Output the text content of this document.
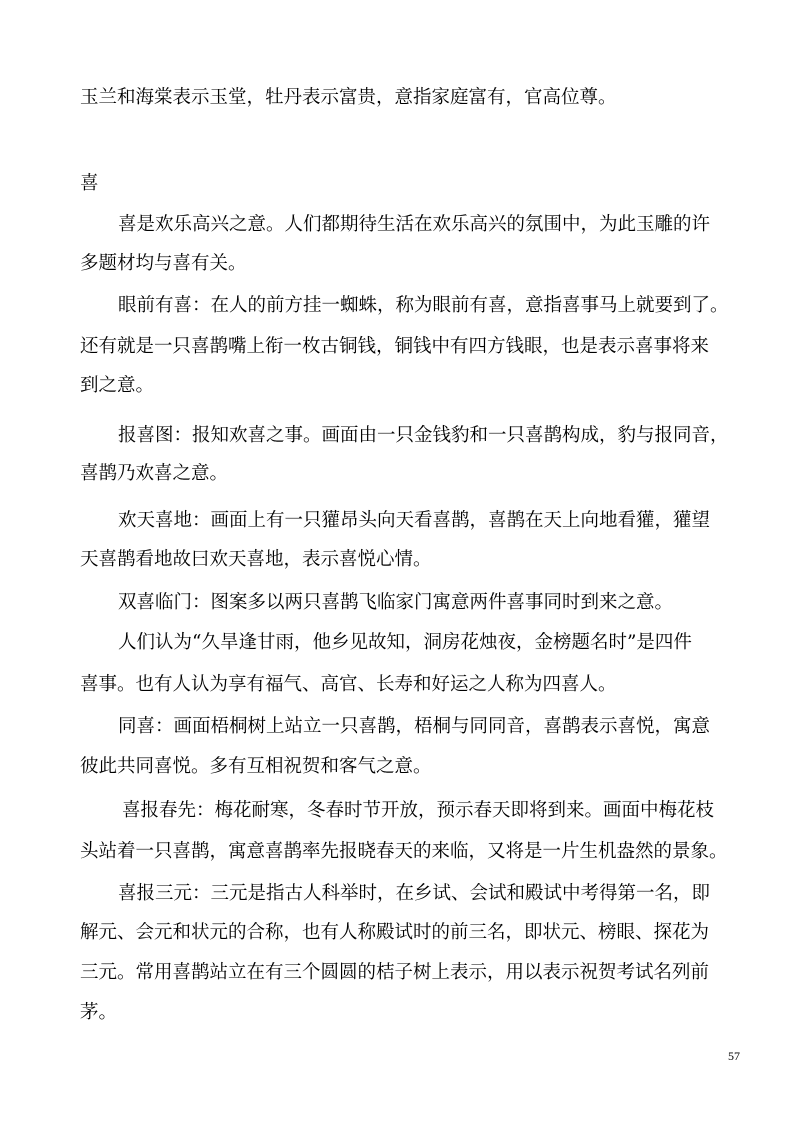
玉兰和海棠表示玉堂，牡丹表示富贵，意指家庭富有，官高位尊。
喜
喜是欢乐高兴之意。人们都期待生活在欢乐高兴的氛围中，为此玉雕的许
多题材均与喜有关。
眼前有喜：在人的前方挂一蜘蛛，称为眼前有喜，意指喜事马上就要到了。
还有就是一只喜鹊嘴上衔一枚古铜钱，铜钱中有四方钱眼，也是表示喜事将来
到之意。
报喜图：报知欢喜之事。画面由一只金钱豹和一只喜鹊构成，豹与报同音，
喜鹊乃欢喜之意。
欢天喜地：画面上有一只獾昂头向天看喜鹊，喜鹊在天上向地看獾，獾望
天喜鹊看地故曰欢天喜地，表示喜悦心情。
双喜临门：图案多以两只喜鹊飞临家门寓意两件喜事同时到来之意。
人们认为“久旱逢甘雨，他乡见故知，洞房花烛夜，金榜题名时”是四件
喜事。也有人认为享有福气、高官、长寿和好运之人称为四喜人。
同喜：画面梧桐树上站立一只喜鹊，梧桐与同同音，喜鹊表示喜悦，寓意
彼此共同喜悦。多有互相祝贺和客气之意。
喜报春先：梅花耐寒，冬春时节开放，预示春天即将到来。画面中梅花枝
头站着一只喜鹊，寓意喜鹊率先报晓春天的来临，又将是一片生机盎然的景象。
喜报三元：三元是指古人科举时，在乡试、会试和殿试中考得第一名，即
解元、会元和状元的合称，也有人称殿试时的前三名，即状元、榜眼、探花为
三元。常用喜鹊站立在有三个圆圆的桔子树上表示，用以表示祝贺考试名列前
茅。
57
